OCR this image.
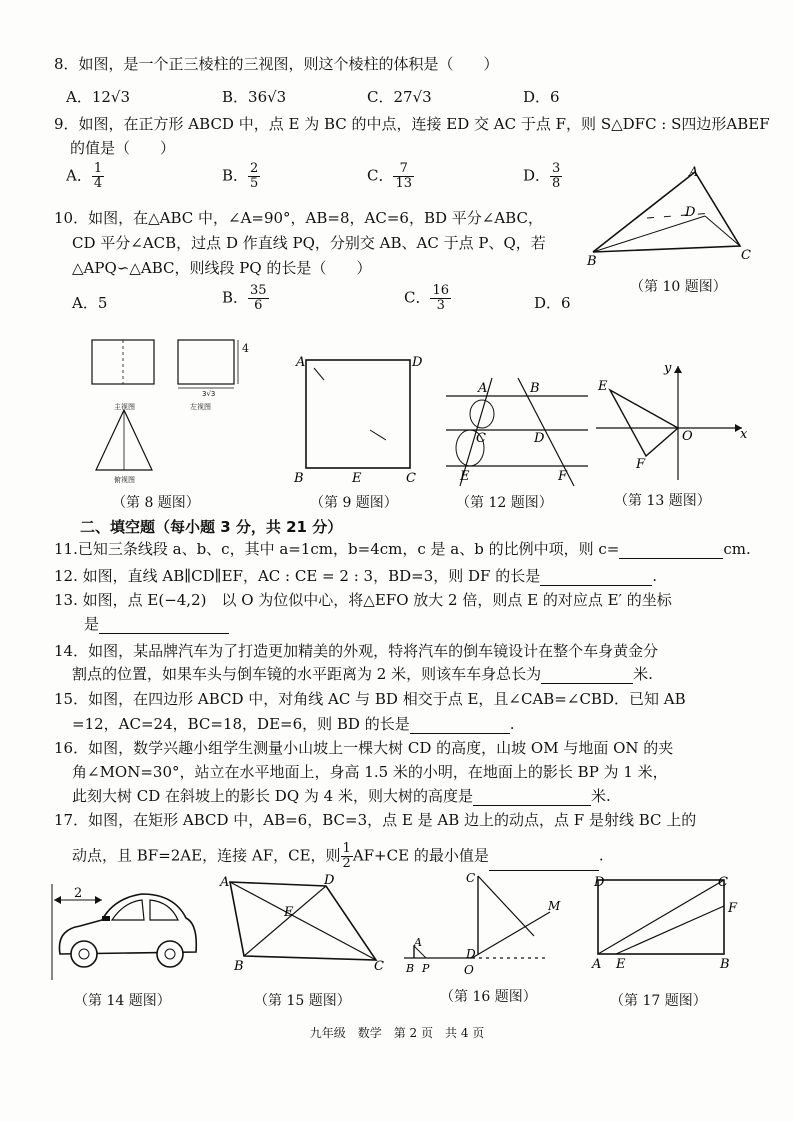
8．如图，是一个正三棱柱的三视图，则这个棱柱的体积是（　　）
A．12√3	B．36√3	C．27√3	D．6
9．如图，在正方形 ABCD 中，点 E 为 BC 的中点，连接 ED 交 AC 于点 F，则 S△DFC : S四边形ABEF
的值是（　　）
A． $\frac{1}{4}$	B． $\frac{2}{5}$	C． $\frac{7}{13}$	D． $\frac{3}{8}$
10．如图，在△ABC 中，∠A=90°，AB=8，AC=6，BD 平分∠ABC，
CD 平分∠ACB，过点 D 作直线 PQ，分别交 AB、AC 于点 P、Q，若
△APQ∽△ABC，则线段 PQ 的长是（　　）
A．5	B． $\frac{35}{6}$	C． $\frac{16}{3}$	D．6
A
B	C
D
（第 10 题图）
4
3√3
主视图	左视图
俯视图
（第 8 题图）
A	D
B	C
E
（第 9 题图）
A	B
C	D
E	F
（第 12 题图）
E
F
O
y
x
（第 13 题图）
二、填空题（每小题 3 分，共 21 分）
11.已知三条线段 a、b、c，其中 a=1cm，b=4cm，c 是 a、b 的比例中项，则 c=	cm.
12. 如图，直线 AB∥CD∥EF，AC : CE = 2 : 3，BD=3，则 DF 的长是	.
13. 如图，点 E(−4,2)　以 O 为位似中心，将△EFO 放大 2 倍，则点 E 的对应点 E′ 的坐标
是
14．如图，某品牌汽车为了打造更加精美的外观，特将汽车的倒车镜设计在整个车身黄金分
割点的位置，如果车头与倒车镜的水平距离为 2 米，则该车车身总长为	米.
15．如图，在四边形 ABCD 中，对角线 AC 与 BD 相交于点 E，且∠CAB=∠CBD．已知 AB
=12，AC=24，BC=18，DE=6，则 BD 的长是	.
16．如图，数学兴趣小组学生测量小山坡上一棵大树 CD 的高度，山坡 OM 与地面 ON 的夹
角∠MON=30°，站立在水平地面上，身高 1.5 米的小明，在地面上的影长 BP 为 1 米，
此刻大树 CD 在斜坡上的影长 DQ 为 4 米，则大树的高度是	米.
17．如图，在矩形 ABCD 中，AB=6，BC=3，点 E 是 AB 边上的动点，点 F 是射线 BC 上的
动点，且 BF=2AE，连接 AF，CE，则 $\frac{1}{2} AF+CE$ 的最小值是	.
2
（第 14 题图）
A	D
B	C
E
（第 15 题图）
C
D
M
O
A
B P
（第 16 题图）
D	C
F
A E	B
（第 17 题图）
九年级　数学　第 2 页　共 4 页
